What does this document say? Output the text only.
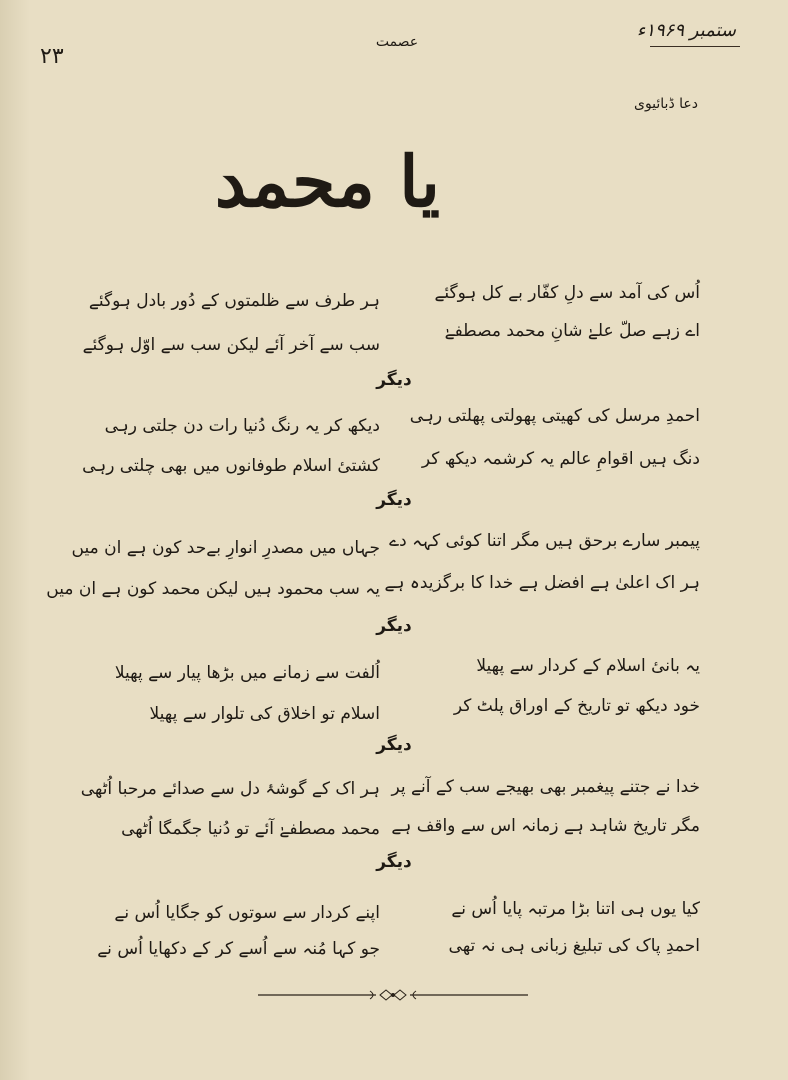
۲۳
عصمت
ستمبر ۱۹۶۹ء
دعا ڈبائیوی
یا محمد
اُس کی آمد سے دلِ کفّار بے کل ہوگئے
ہر طرف سے ظلمتوں کے دُور بادل ہوگئے
اے زہے صلّ علےٰ شانِ محمد مصطفےٰ
سب سے آخر آئے لیکن سب سے اوّل ہوگئے
دیگر
احمدِ مرسل کی کھیتی پھولتی پھلتی رہی
دیکھ کر یہ رنگ دُنیا رات دن جلتی رہی
دنگ ہیں اقوامِ عالم یہ کرشمہ دیکھ کر
کشتیٔ اسلام طوفانوں میں بھی چلتی رہی
دیگر
پیمبر سارے برحق ہیں مگر اتنا کوئی کہہ دے
جہاں میں مصدرِ انوارِ بےحد کون ہے ان میں
ہر اک اعلیٰ ہے افضل ہے خدا کا برگزیدہ ہے
یہ سب محمود ہیں لیکن محمد کون ہے ان میں
دیگر
یہ بانیٔ اسلام کے کردار سے پھیلا
اُلفت سے زمانے میں بڑھا پیار سے پھیلا
خود دیکھ تو تاریخ کے اوراق پلٹ کر
اسلام تو اخلاق کی تلوار سے پھیلا
دیگر
خدا نے جتنے پیغمبر بھی بھیجے سب کے آنے پر
ہر اک کے گوشۂ دل سے صدائے مرحبا اُٹھی
مگر تاریخ شاہد ہے زمانہ اس سے واقف ہے
محمد مصطفےٰ آئے تو دُنیا جگمگا اُٹھی
دیگر
کیا یوں ہی اتنا بڑا مرتبہ پایا اُس نے
اپنے کردار سے سوتوں کو جگایا اُس نے
احمدِ پاک کی تبلیغ زبانی ہی نہ تھی
جو کہا مُنہ سے اُسے کر کے دکھایا اُس نے
